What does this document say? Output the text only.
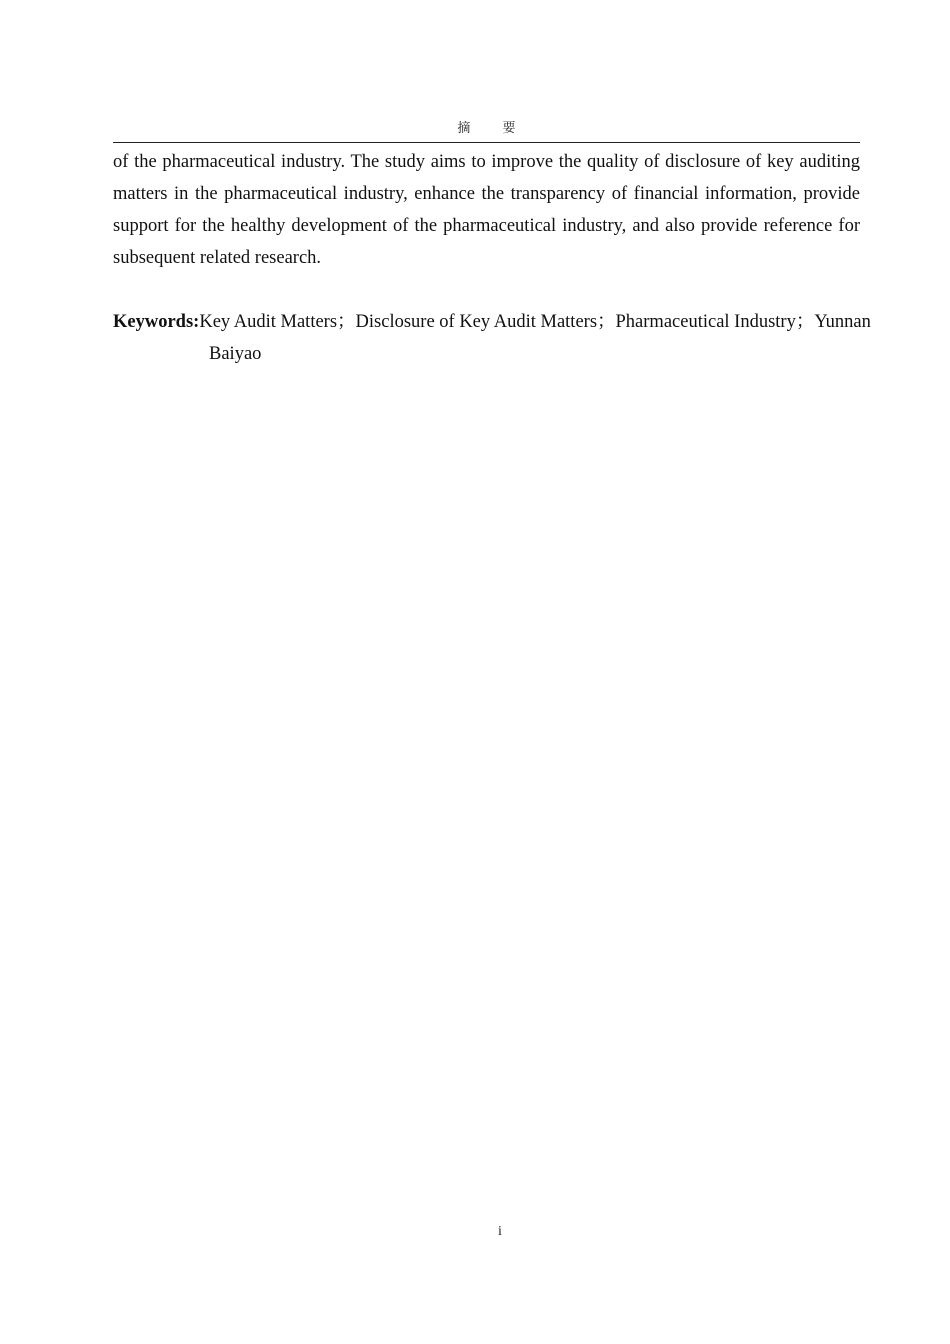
摘 要

of the pharmaceutical industry. The study aims to improve the quality of disclosure of key auditing matters in the pharmaceutical industry, enhance the transparency of financial information, provide support for the healthy development of the pharmaceutical industry, and also provide reference for subsequent related research.

Keywords:Key Audit Matters；Disclosure of Key Audit Matters；Pharmaceutical Industry；Yunnan Baiyao

i
